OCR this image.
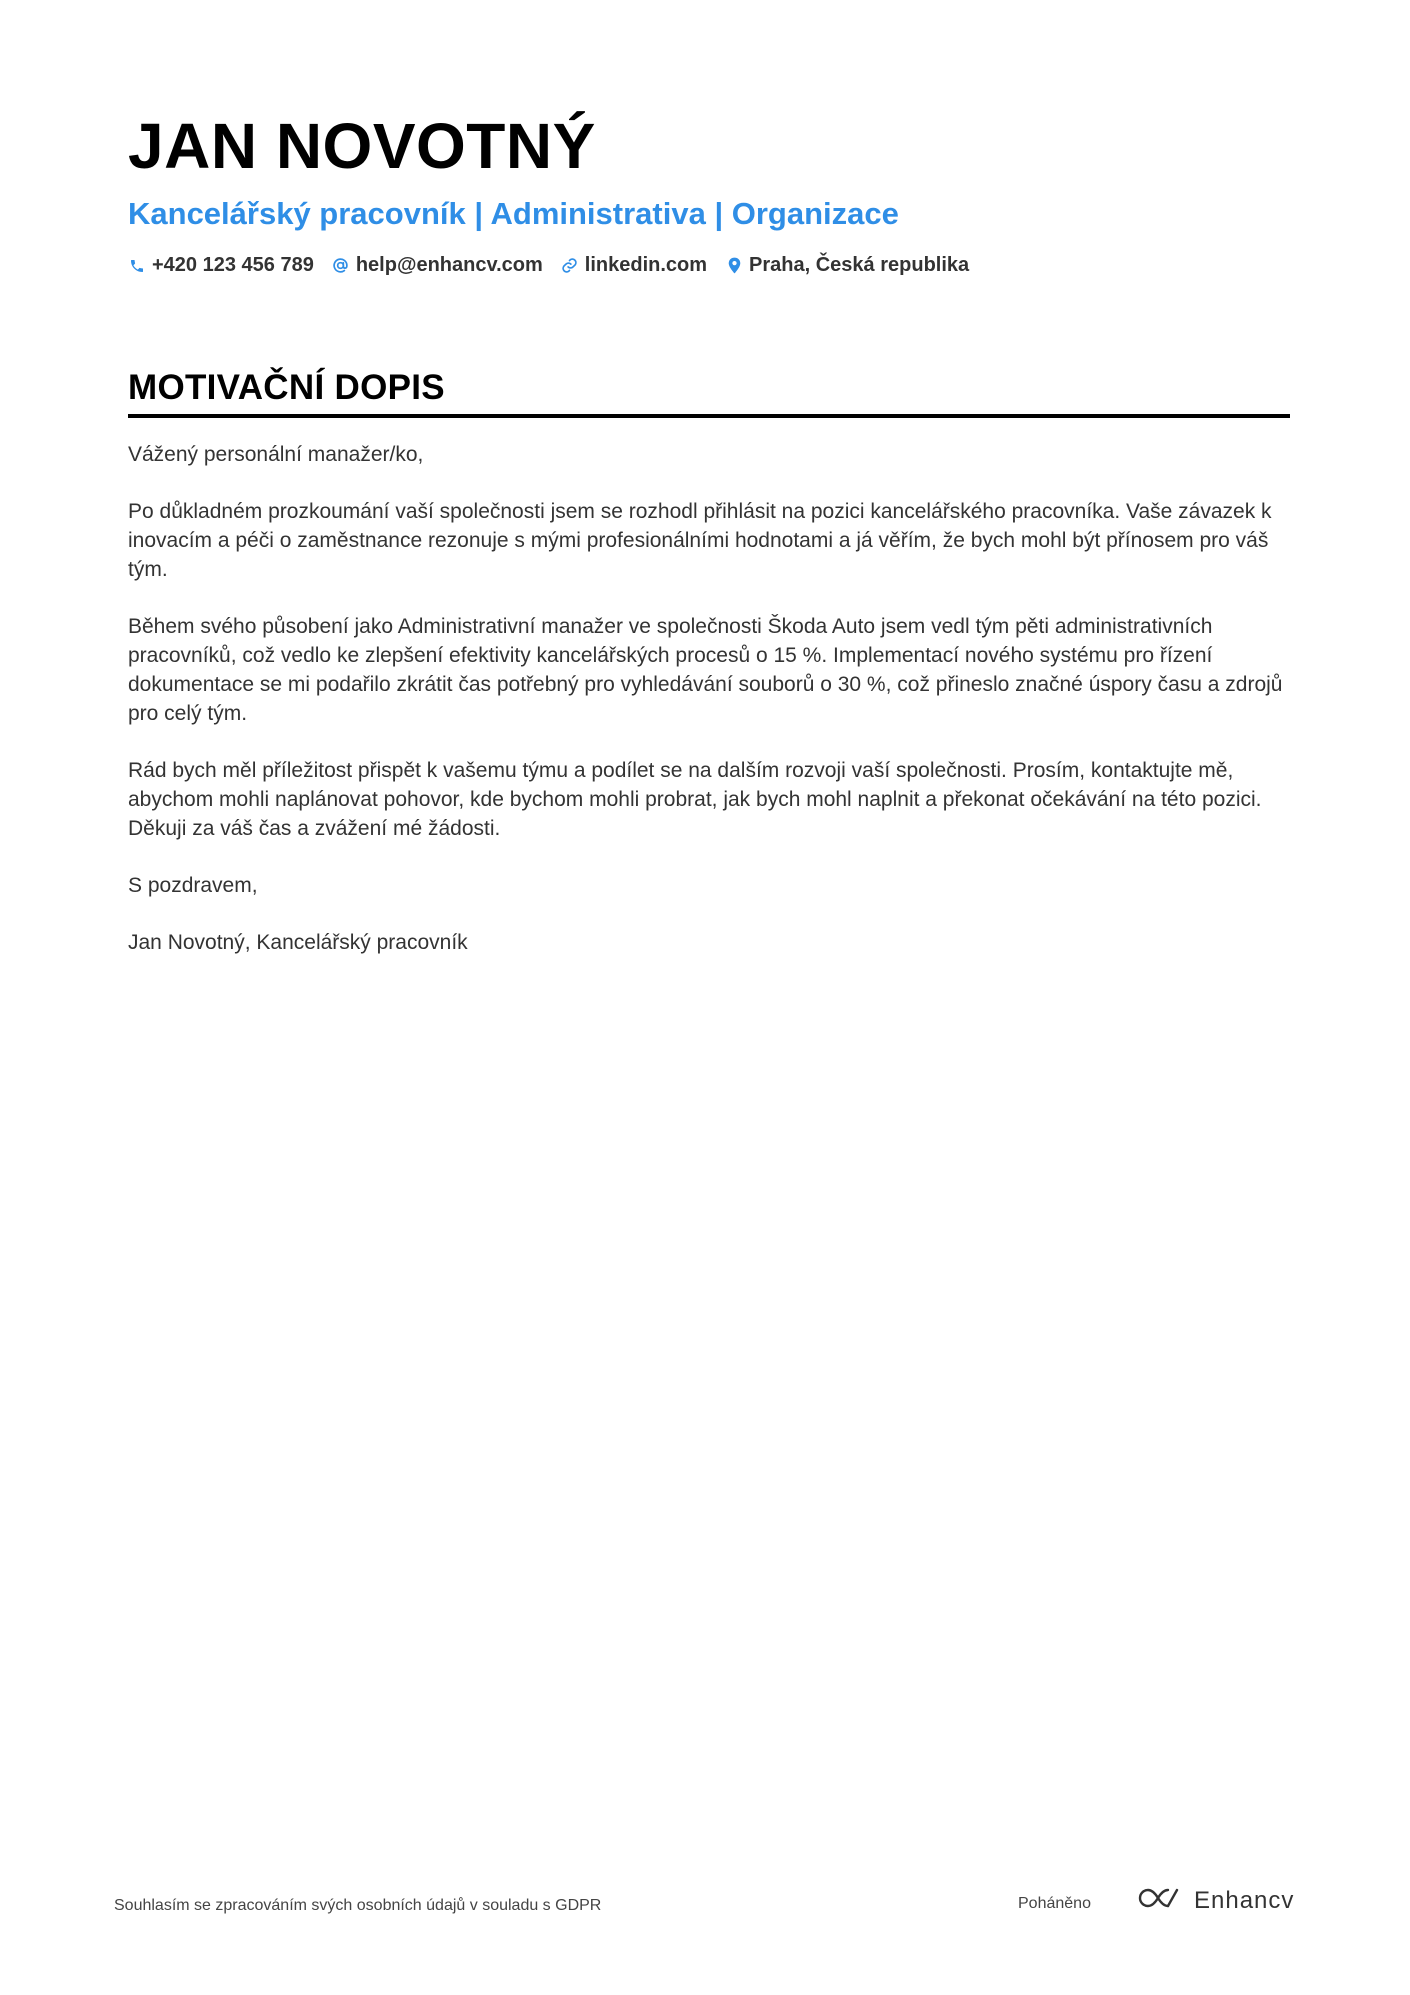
JAN NOVOTNÝ
Kancelářský pracovník | Administrativa | Organizace
+420 123 456 789 help@enhancv.com linkedin.com Praha, Česká republika
MOTIVAČNÍ DOPIS

Vážený personální manažer/ko,

Po důkladném prozkoumání vaší společnosti jsem se rozhodl přihlásit na pozici kancelářského pracovníka. Vaše závazek k inovacím a péči o zaměstnance rezonuje s mými profesionálními hodnotami a já věřím, že bych mohl být přínosem pro váš tým.

Během svého působení jako Administrativní manažer ve společnosti Škoda Auto jsem vedl tým pěti administrativních pracovníků, což vedlo ke zlepšení efektivity kancelářských procesů o 15 %. Implementací nového systému pro řízení dokumentace se mi podařilo zkrátit čas potřebný pro vyhledávání souborů o 30 %, což přineslo značné úspory času a zdrojů pro celý tým.

Rád bych měl příležitost přispět k vašemu týmu a podílet se na dalším rozvoji vaší společnosti. Prosím, kontaktujte mě, abychom mohli naplánovat pohovor, kde bychom mohli probrat, jak bych mohl naplnit a překonat očekávání na této pozici. Děkuji za váš čas a zvážení mé žádosti.

S pozdravem,

Jan Novotný, Kancelářský pracovník

Souhlasím se zpracováním svých osobních údajů v souladu s GDPR	Poháněno	Enhancv
